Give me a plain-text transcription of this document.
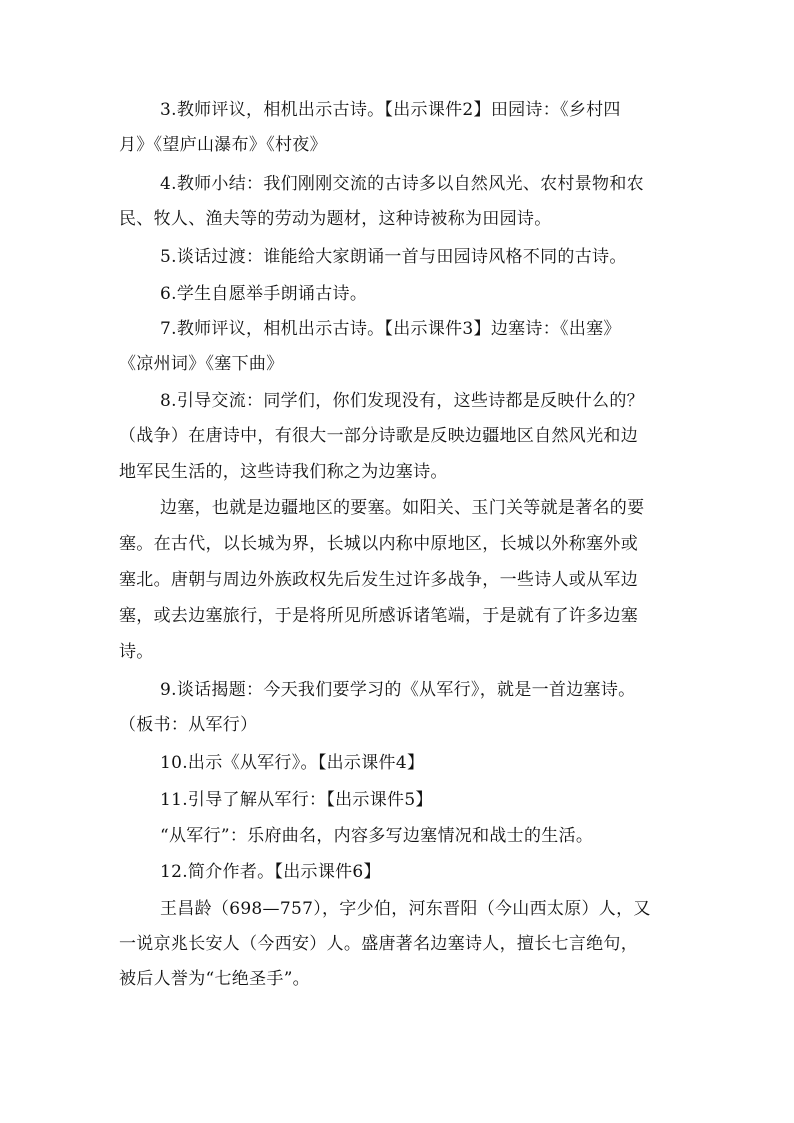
3.教师评议，相机出示古诗。【出示课件2】田园诗：《乡村四
月》《望庐山瀑布》《村夜》
4.教师小结：我们刚刚交流的古诗多以自然风光、农村景物和农
民、牧人、渔夫等的劳动为题材，这种诗被称为田园诗。
5.谈话过渡：谁能给大家朗诵一首与田园诗风格不同的古诗。
6.学生自愿举手朗诵古诗。
7.教师评议，相机出示古诗。【出示课件3】边塞诗：《出塞》
《凉州词》《塞下曲》
8.引导交流：同学们，你们发现没有，这些诗都是反映什么的？
（战争）在唐诗中，有很大一部分诗歌是反映边疆地区自然风光和边
地军民生活的，这些诗我们称之为边塞诗。
边塞，也就是边疆地区的要塞。如阳关、玉门关等就是著名的要
塞。在古代，以长城为界，长城以内称中原地区，长城以外称塞外或
塞北。唐朝与周边外族政权先后发生过许多战争，一些诗人或从军边
塞，或去边塞旅行，于是将所见所感诉诸笔端，于是就有了许多边塞
诗。
9.谈话揭题：今天我们要学习的《从军行》，就是一首边塞诗。
（板书：从军行）
10.出示《从军行》。【出示课件4】
11.引导了解从军行：【出示课件5】
“从军行”：乐府曲名，内容多写边塞情况和战士的生活。
12.简介作者。【出示课件6】
王昌龄（698—757），字少伯，河东晋阳（今山西太原）人，又
一说京兆长安人（今西安）人。盛唐著名边塞诗人，擅长七言绝句，
被后人誉为“七绝圣手”。
